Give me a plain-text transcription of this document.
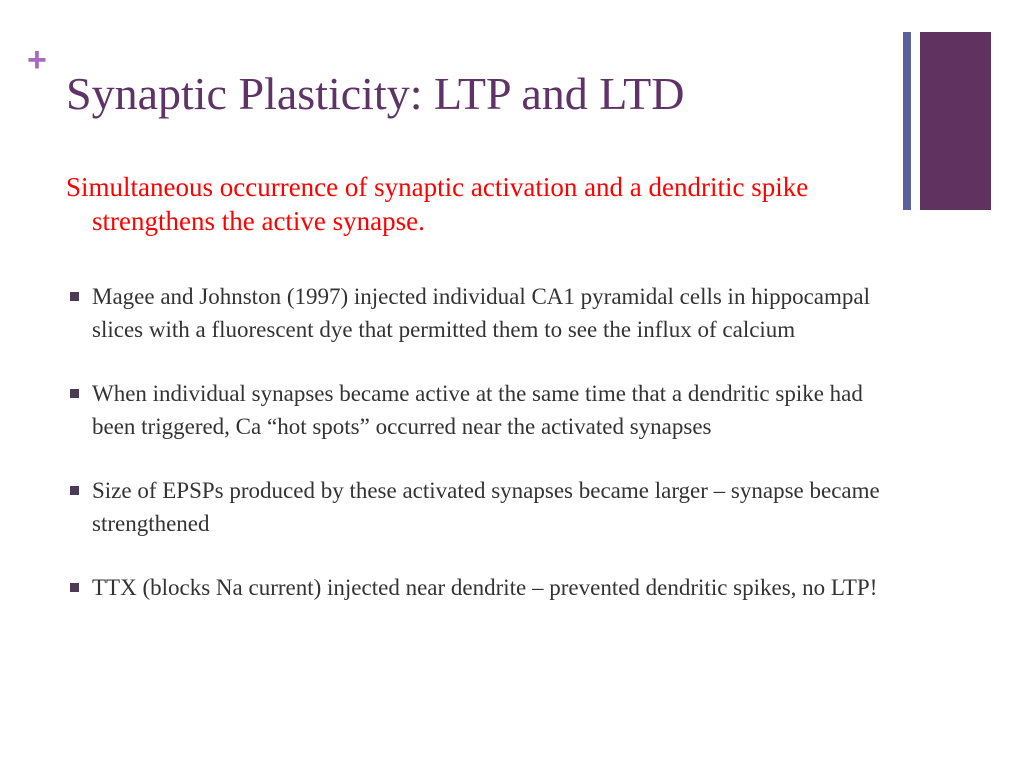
+
Synaptic Plasticity: LTP and LTD

Simultaneous occurrence of synaptic activation and a dendritic spike strengthens the active synapse.

Magee and Johnston (1997) injected individual CA1 pyramidal cells in hippocampal slices with a fluorescent dye that permitted them to see the influx of calcium
When individual synapses became active at the same time that a dendritic spike had been triggered, Ca “hot spots” occurred near the activated synapses
Size of EPSPs produced by these activated synapses became larger – synapse became strengthened
TTX (blocks Na current) injected near dendrite – prevented dendritic spikes, no LTP!
